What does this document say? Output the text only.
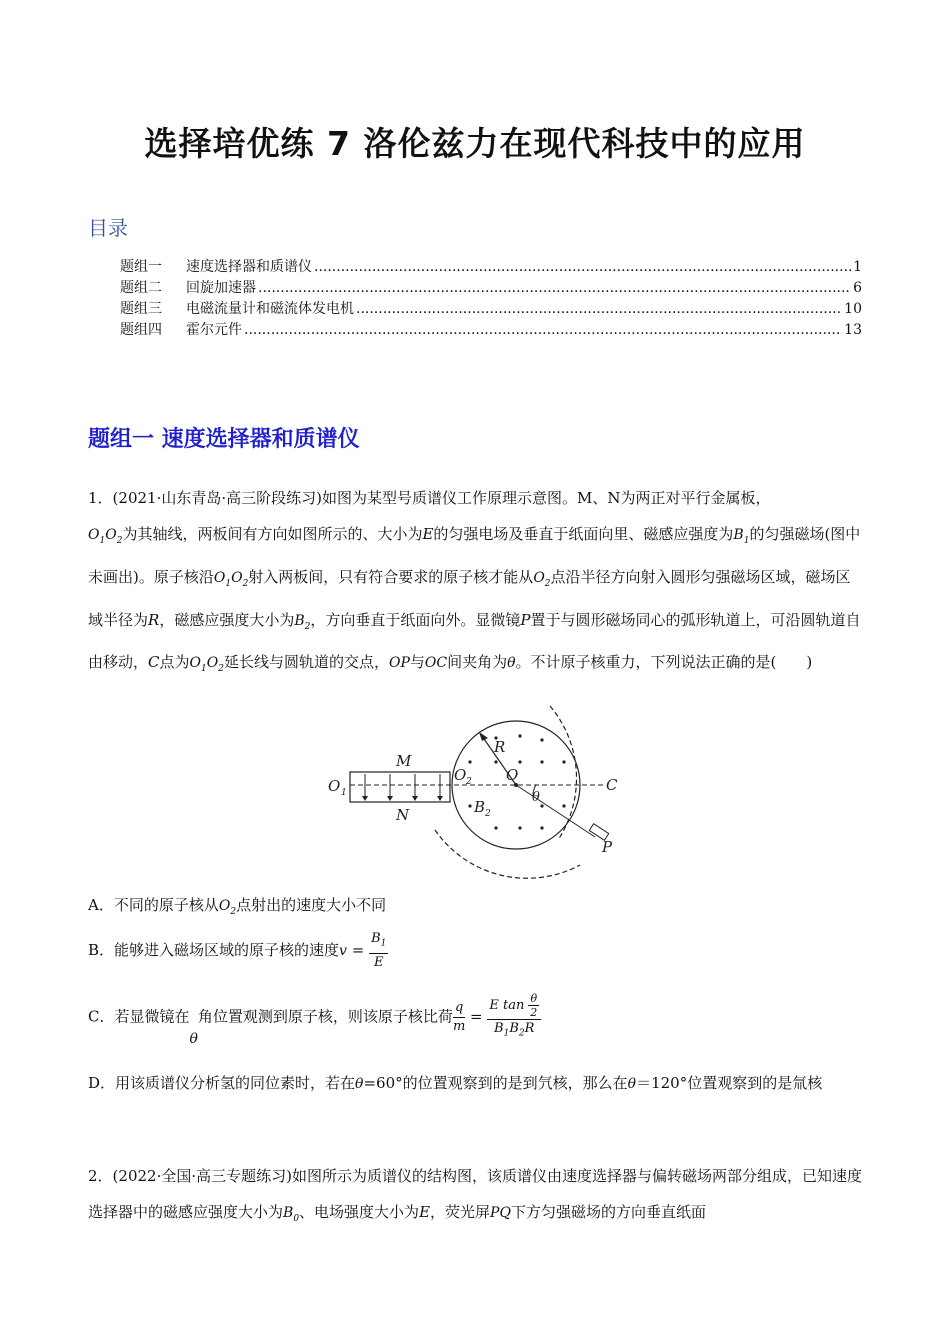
选择培优练 7 洛伦兹力在现代科技中的应用
目录
题组一	速度选择器和质谱仪 .....	1
题组二	回旋加速器 .....	6
题组三	电磁流量计和磁流体发电机 .....	10
题组四	霍尔元件 .....	13
题组一 速度选择器和质谱仪
1．(2021·山东青岛·高三阶段练习)如图为某型号质谱仪工作原理示意图。M、N为两正对平行金属板，
$O_1O_2$为其轴线，两板间有方向如图所示的、大小为E的匀强电场及垂直于纸面向里、磁感应强度为$B_1$的匀强磁场(图中未画出)。原子核沿$O_1O_2$射入两板间，只有符合要求的原子核才能从$O_2$点沿半径方向射入圆形匀强磁场区域，磁场区域半径为R，磁感应强度大小为$B_2$，方向垂直于纸面向外。显微镜P置于与圆形磁场同心的弧形轨道上，可沿圆轨道自由移动，C点为$O_1O_2$延长线与圆轨道的交点，OP与OC间夹角为θ。不计原子核重力，下列说法正确的是(　　)
M
N
O 1
O 2 O
R
B 2
C
P
θ
A．不同的原子核从$O_2$点射出的速度大小不同
B．能够进入磁场区域的原子核的速度$v = \frac{B_1}{E}$
C．若显微镜在θ角位置观测到原子核，则该原子核比荷 $\frac{q}{m} = \frac{E \tan \frac{\theta}{2}}{B_1B_2R}$
D．用该质谱仪分析氢的同位素时，若在θ=60°的位置观察到的是到氕核，那么在θ＝120°位置观察到的是氚核
2．(2022·全国·高三专题练习)如图所示为质谱仪的结构图，该质谱仪由速度选择器与偏转磁场两部分组成，已知速度选择器中的磁感应强度大小为$B_0$、电场强度大小为E，荧光屏PQ下方匀强磁场的方向垂直纸面
